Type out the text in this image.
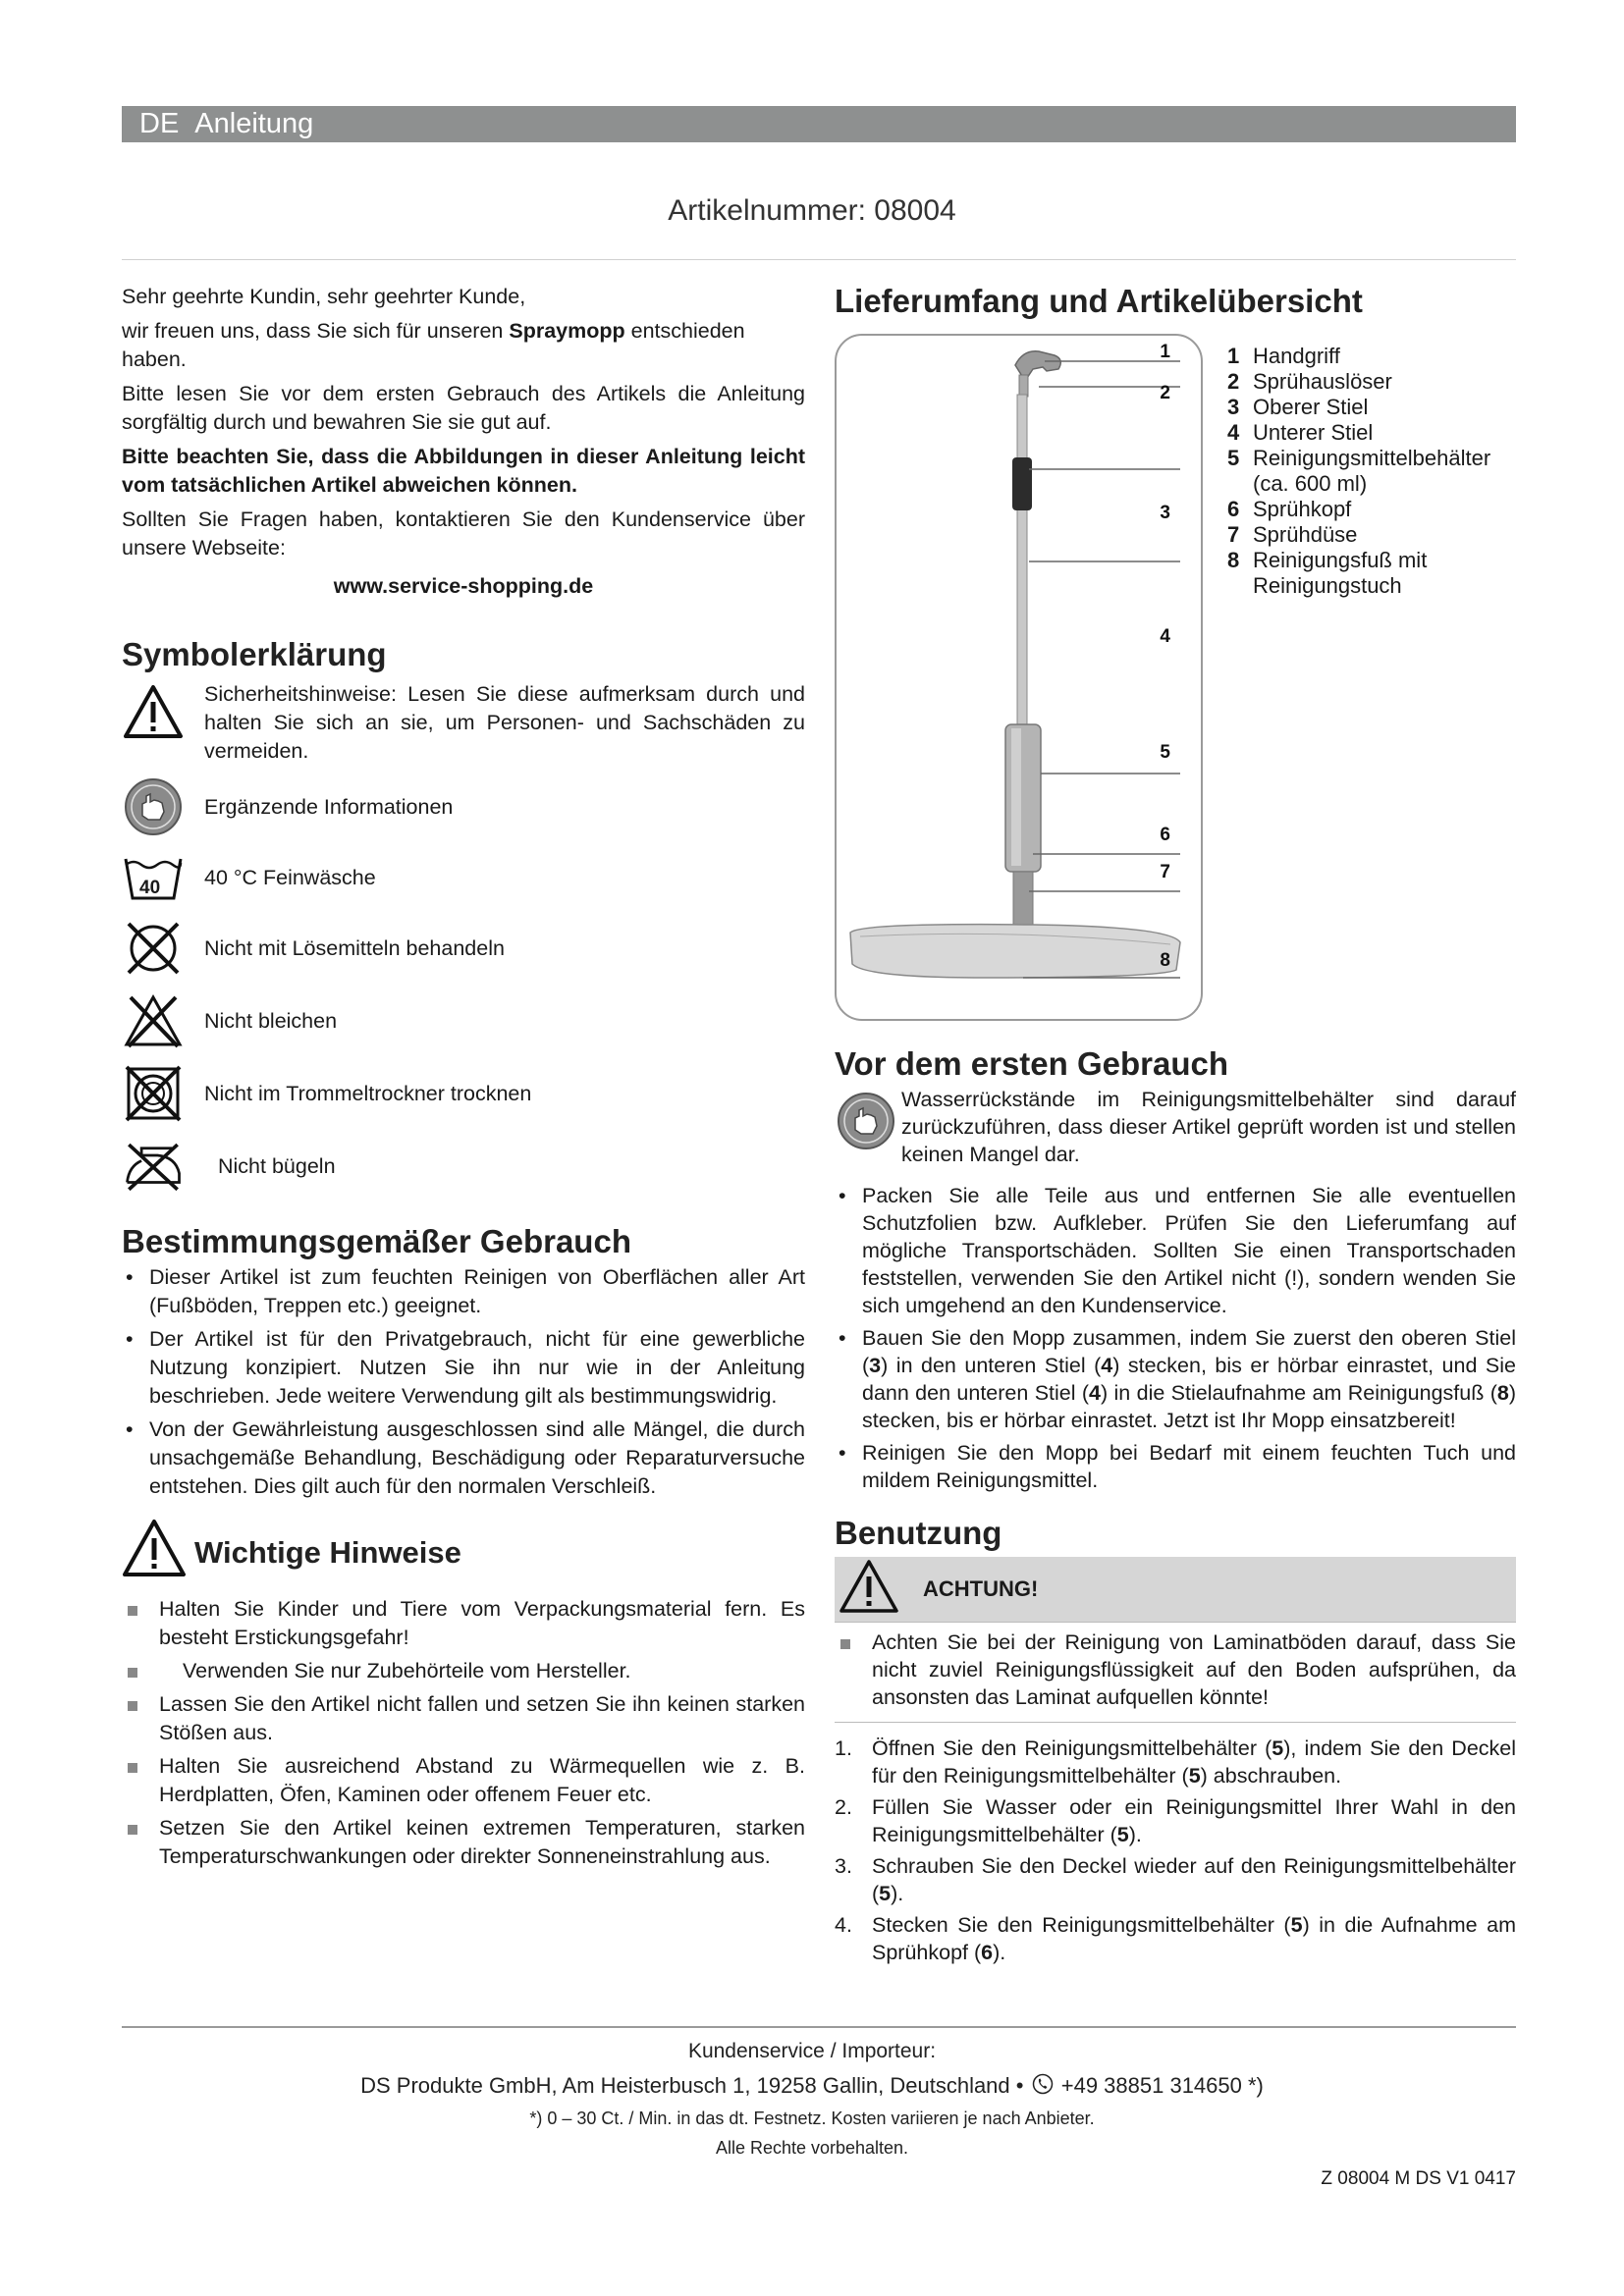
DE Anleitung
Artikelnummer: 08004

Sehr geehrte Kundin, sehr geehrter Kunde,

wir freuen uns, dass Sie sich für unseren Spraymopp entschieden haben.

Bitte lesen Sie vor dem ersten Gebrauch des Artikels die Anleitung sorgfältig durch und bewahren Sie sie gut auf.

Bitte beachten Sie, dass die Abbildungen in dieser Anleitung leicht vom tatsächlichen Artikel abweichen können.

Sollten Sie Fragen haben, kontaktieren Sie den Kundenservice über unsere Webseite:

www.service-shopping.de

Symbolerklärung
Sicherheitshinweise: Lesen Sie diese aufmerksam durch und halten Sie sich an sie, um Personen- und Sachschäden zu vermeiden.
Ergänzende Informationen
40 40 °C Feinwäsche
Nicht mit Lösemitteln behandeln
Nicht bleichen
Nicht im Trommeltrockner trocknen
Nicht bügeln
Bestimmungsgemäßer Gebrauch
• Dieser Artikel ist zum feuchten Reinigen von Oberflächen aller Art (Fußböden, Treppen etc.) geeignet.
• Der Artikel ist für den Privatgebrauch, nicht für eine gewerbliche Nutzung konzipiert. Nutzen Sie ihn nur wie in der Anleitung beschrieben. Jede weitere Verwendung gilt als bestimmungswidrig.
• Von der Gewährleistung ausgeschlossen sind alle Mängel, die durch unsachgemäße Behandlung, Beschädigung oder Reparaturversuche entstehen. Dies gilt auch für den normalen Verschleiß.
Wichtige Hinweise
Halten Sie Kinder und Tiere vom Verpackungsmaterial fern. Es besteht Erstickungsgefahr!
Verwenden Sie nur Zubehörteile vom Hersteller.
Lassen Sie den Artikel nicht fallen und setzen Sie ihn keinen starken Stößen aus.
Halten Sie ausreichend Abstand zu Wärmequellen wie z. B. Herdplatten, Öfen, Kaminen oder offenem Feuer etc.
Setzen Sie den Artikel keinen extremen Temperaturen, starken Temperaturschwankungen oder direkter Sonneneinstrahlung aus.
Lieferumfang und Artikelübersicht
1
2
3
4
5
6
7
8
1 Handgriff
2 Sprühauslöser
3 Oberer Stiel
4 Unterer Stiel
5 Reinigungsmittelbehälter (ca. 600 ml)
6 Sprühkopf
7 Sprühdüse
8 Reinigungsfuß mit Reinigungstuch
Vor dem ersten Gebrauch
Wasserrückstände im Reinigungsmittelbehälter sind darauf zurückzuführen, dass dieser Artikel geprüft worden ist und stellen keinen Mangel dar.
• Packen Sie alle Teile aus und entfernen Sie alle eventuellen Schutzfolien bzw. Aufkleber. Prüfen Sie den Lieferumfang auf mögliche Transportschäden. Sollten Sie einen Transportschaden feststellen, verwenden Sie den Artikel nicht (!), sondern wenden Sie sich umgehend an den Kundenservice.
• Bauen Sie den Mopp zusammen, indem Sie zuerst den oberen Stiel (3) in den unteren Stiel (4) stecken, bis er hörbar einrastet, und Sie dann den unteren Stiel (4) in die Stielaufnahme am Reinigungsfuß (8) stecken, bis er hörbar einrastet. Jetzt ist Ihr Mopp einsatzbereit!
• Reinigen Sie den Mopp bei Bedarf mit einem feuchten Tuch und mildem Reinigungsmittel.
Benutzung
ACHTUNG!
Achten Sie bei der Reinigung von Laminatböden darauf, dass Sie nicht zuviel Reinigungsflüssigkeit auf den Boden aufsprühen, da ansonsten das Laminat aufquellen könnte!
1. Öffnen Sie den Reinigungsmittelbehälter (5), indem Sie den Deckel für den Reinigungsmittelbehälter (5) abschrauben.
2. Füllen Sie Wasser oder ein Reinigungsmittel Ihrer Wahl in den Reinigungsmittelbehälter (5).
3. Schrauben Sie den Deckel wieder auf den Reinigungsmittelbehälter (5).
4. Stecken Sie den Reinigungsmittelbehälter (5) in die Aufnahme am Sprühkopf (6).
Kundenservice / Importeur:
DS Produkte GmbH, Am Heisterbusch 1, 19258 Gallin, Deutschland • +49 38851 314650 *)
*) 0 – 30 Ct. / Min. in das dt. Festnetz. Kosten variieren je nach Anbieter.
Alle Rechte vorbehalten.
Z 08004 M DS V1 0417
